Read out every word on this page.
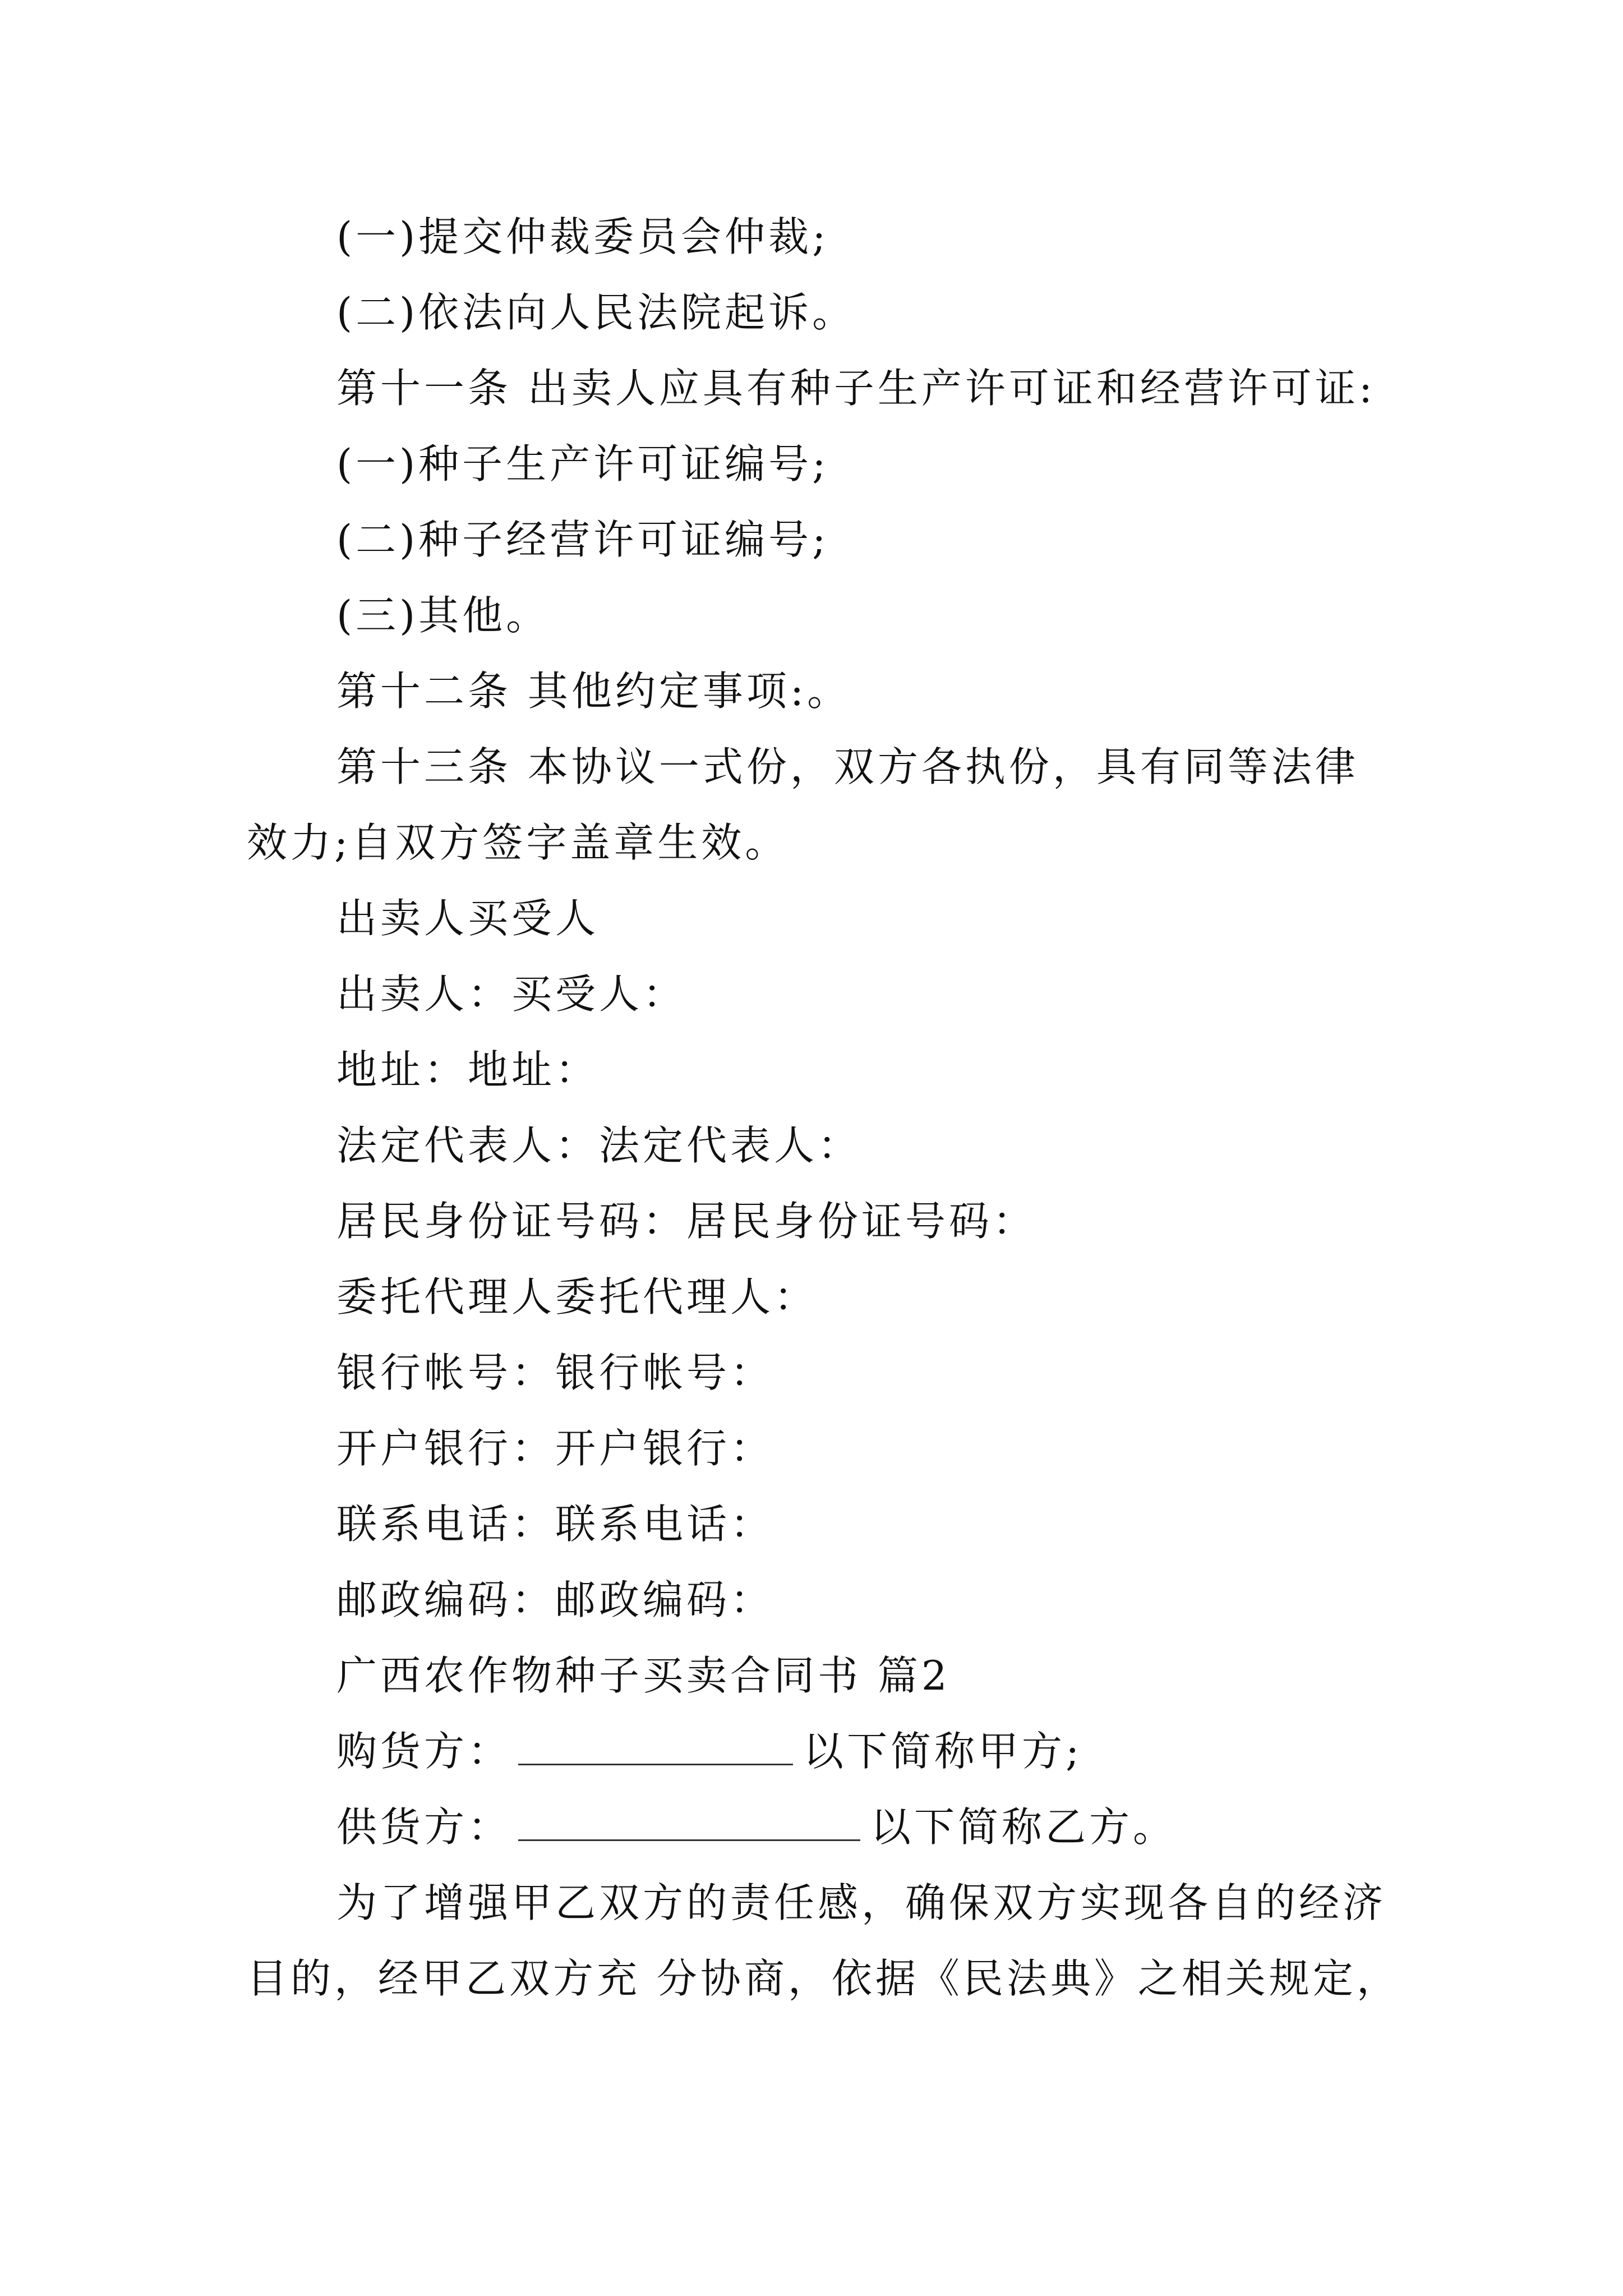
(一)提交仲裁委员会仲裁;
(二)依法向人民法院起诉。
第十一条 出卖人应具有种子生产许可证和经营许可证:
(一)种子生产许可证编号;
(二)种子经营许可证编号;
(三)其他。
第十二条 其他约定事项:。
第十三条 本协议一式份，双方各执份，具有同等法律
效力;自双方签字盖章生效。
出卖人买受人
出卖人：买受人：
地址：地址：
法定代表人：法定代表人：
居民身份证号码：居民身份证号码：
委托代理人委托代理人：
银行帐号：银行帐号：
开户银行：开户银行：
联系电话：联系电话：
邮政编码：邮政编码：
广西农作物种子买卖合同书 篇2
购货方：	以下简称甲方;
供货方：	以下简称乙方。
为了增强甲乙双方的责任感，确保双方实现各自的经济
目的，经甲乙双方充 分协商，依据《民法典》之相关规定，
